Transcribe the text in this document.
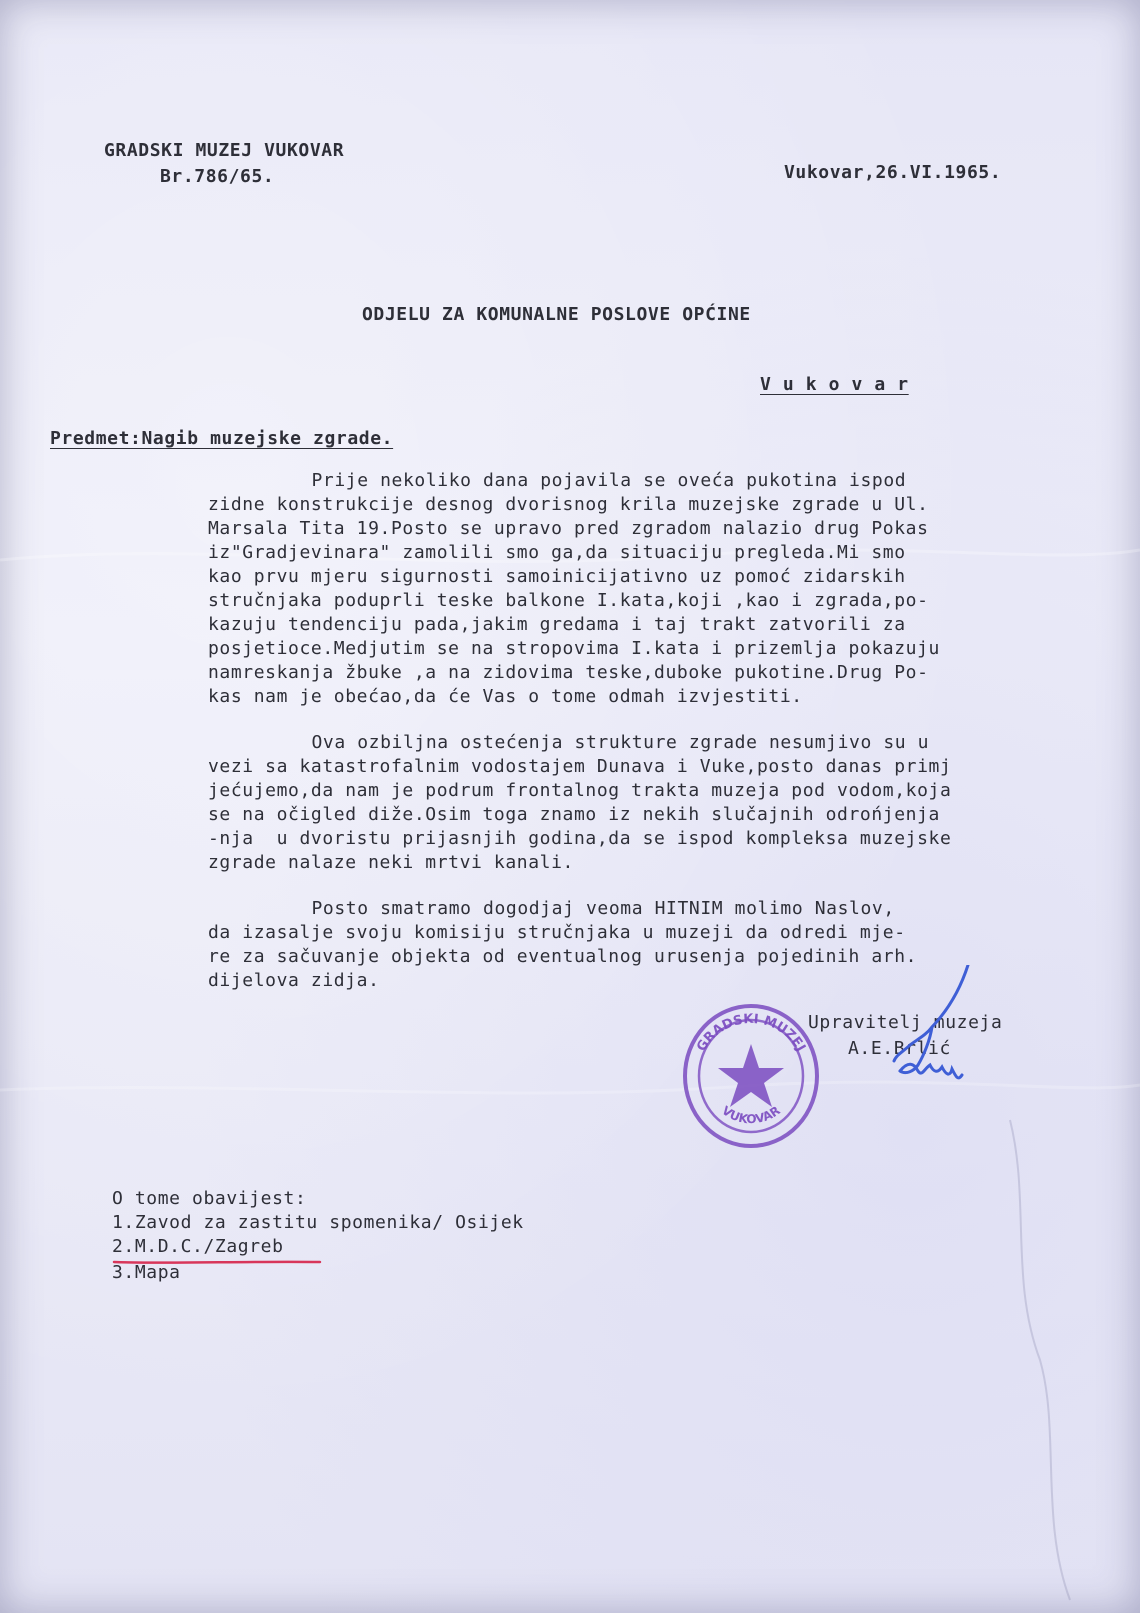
GRADSKI MUZEJ VUKOVAR
Br.786/65.	Vukovar,26.VI.1965.
ODJELU ZA KOMUNALNE POSLOVE OPĆINE
V u k o v a r
Predmet:Nagib muzejske zgrade.
Prije nekoliko dana pojavila se oveća pukotina ispod
zidne konstrukcije desnog dvorisnog krila muzejske zgrade u Ul.
Marsala Tita 19.Posto se upravo pred zgradom nalazio drug Pokas
iz"Gradjevinara" zamolili smo ga,da situaciju pregleda.Mi smo
kao prvu mjeru sigurnosti samoinicijativno uz pomoć zidarskih
stručnjaka poduprli teske balkone I.kata,koji ,kao i zgrada,po-
kazuju tendenciju pada,jakim gredama i taj trakt zatvorili za
posjetioce.Medjutim se na stropovima I.kata i prizemlja pokazuju
namreskanja žbuke ,a na zidovima teske,duboke pukotine.Drug Po-
kas nam je obećao,da će Vas o tome odmah izvjestiti.
Ova ozbiljna ostećenja strukture zgrade nesumjivo su u
vezi sa katastrofalnim vodostajem Dunava i Vuke,posto danas primj
jećujemo,da nam je podrum frontalnog trakta muzeja pod vodom,koja
se na očigled diže.Osim toga znamo iz nekih slučajnih odrońjenja
-nja  u dvoristu prijasnjih godina,da se ispod kompleksa muzejske
zgrade nalaze neki mrtvi kanali.
Posto smatramo dogodjaj veoma HITNIM molimo Naslov,
da izasalje svoju komisiju stručnjaka u muzeji da odredi mje-
re za sačuvanje objekta od eventualnog urusenja pojedinih arh.
dijelova zidja.
Upravitelj muzeja
A.E.Brlić
GRADSKI MUZEJ
VUKOVAR
O tome obavijest:
1.Zavod za zastitu spomenika/ Osijek
2.M.D.C./Zagreb
3.Mapa
